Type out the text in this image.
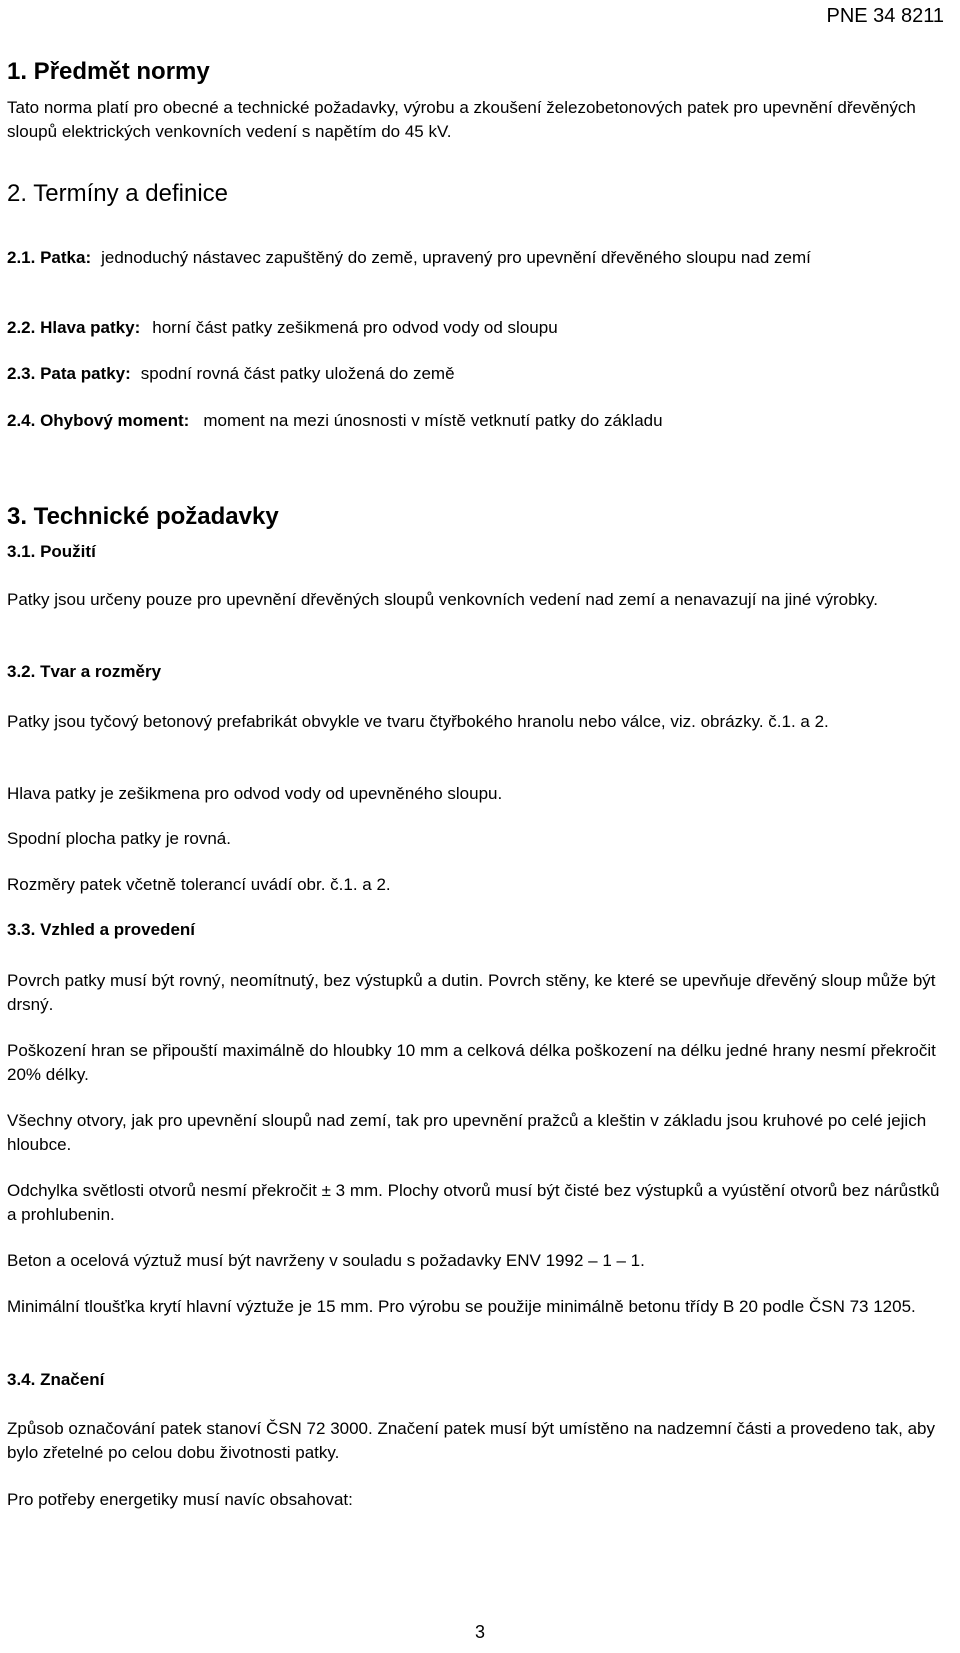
PNE 34 8211
1. Předmět normy
Tato norma platí pro obecné a technické požadavky, výrobu a zkoušení železobetonových patek pro upevnění dřevěných sloupů elektrických venkovních vedení s napětím do 45 kV.
2. Termíny a definice
2.1. Patka: jednoduchý nástavec zapuštěný do země, upravený pro upevnění dřevěného sloupu nad zemí
2.2. Hlava patky: horní část patky zešikmená pro odvod vody od sloupu
2.3. Pata patky: spodní rovná část patky uložená do země
2.4. Ohybový moment: moment na mezi únosnosti v místě vetknutí patky do základu
3. Technické požadavky
3.1. Použití
Patky jsou určeny pouze pro upevnění dřevěných sloupů venkovních vedení nad zemí a nenavazují na jiné výrobky.
3.2. Tvar a rozměry
Patky jsou tyčový betonový prefabrikát obvykle ve tvaru čtyřbokého hranolu nebo válce, viz. obrázky. č.1. a 2.
Hlava patky je zešikmena pro odvod vody od upevněného sloupu.
Spodní plocha patky je rovná.
Rozměry patek včetně tolerancí uvádí obr. č.1. a 2.
3.3. Vzhled a provedení
Povrch patky musí být rovný, neomítnutý, bez výstupků a dutin. Povrch stěny, ke které se upevňuje dřevěný sloup může být drsný.
Poškození hran se připouští maximálně do hloubky 10 mm a celková délka poškození na délku jedné hrany nesmí překročit 20% délky.
Všechny otvory, jak pro upevnění sloupů nad zemí, tak pro upevnění pražců a kleštin v základu jsou kruhové po celé jejich hloubce.
Odchylka světlosti otvorů nesmí překročit ± 3 mm. Plochy otvorů musí být čisté bez výstupků a vyústění otvorů bez nárůstků a prohlubenin.
Beton a ocelová výztuž musí být navrženy v souladu s požadavky ENV 1992 – 1 – 1.
Minimální tloušťka krytí hlavní výztuže je 15 mm. Pro výrobu se použije minimálně betonu třídy B 20 podle ČSN 73 1205.
3.4. Značení
Způsob označování patek stanoví ČSN 72 3000. Značení patek musí být umístěno na nadzemní části a provedeno tak, aby bylo zřetelné po celou dobu životnosti patky.
Pro potřeby energetiky musí navíc obsahovat:
3
